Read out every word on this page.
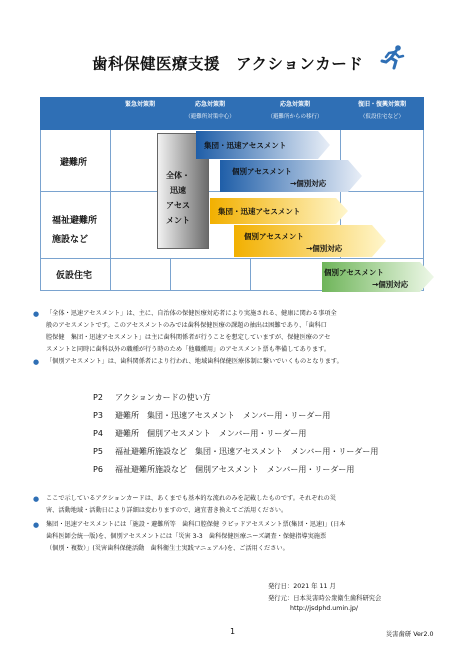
歯科保健医療支援　アクションカード
緊急対策期	応急対策期
（避難所対策中心）
応急対策期
（避難所からの移行）
復旧・復興対策期
（仮設住宅など）
避難所
福祉避難所
施設など
仮設住宅
全体・
迅速
アセス
メント
集団・迅速アセスメント
個別アセスメント
→個別対応
集団・迅速アセスメント
個別アセスメント
→個別対応
個別アセスメント
→個別対応
● 「全体・迅速アセスメント」は、主に、自治体の保健医療対応者により実施される、健康に関わる事項全
般のアセスメントです。このアセスメントのみでは歯科保健医療の課題の抽出は困難であり、「歯科口
腔保健　集団・迅速アセスメント」は主に歯科関係者が行うことを想定していますが、保健医療のアセ
スメントと同時に歯科以外の職種が行う時のため「他職種用」のアセスメント票も準備してあります。
● 「個別アセスメント」は、歯科関係者により行われ、地域歯科保健医療体制に繋いでいくものとなります。
P2 アクションカードの使い方
P3 避難所　集団・迅速アセスメント　メンバー用・リーダー用
P4 避難所　個別アセスメント　メンバー用・リーダー用
P5 福祉避難所施設など　集団・迅速アセスメント　メンバー用・リーダー用
P6 福祉避難所施設など　個別アセスメント　メンバー用・リーダー用
● ここで示しているアクションカードは、あくまでも基本的な流れのみを記載したものです。それぞれの災
害、活動地域・活動日により詳細は変わりますので、適宜書き換えてご活用ください。
● 集団・迅速アセスメントには「施設・避難所等　歯科口腔保健 ラピッドアセスメント票(集団・迅速)」(日本
歯科医師会統一版)を、個別アセスメントには「災害 3-3　歯科保健医療ニーズ調査・保健指導実施票
（個別・複数）」(災害歯科保健活動　歯科衛生士実践マニュアル)を、ご活用ください。
発行日：2021 年 11 月
発行元：日本災害時公衆衛生歯科研究会
http://jsdphd.umin.jp/
1	災害歯研 Ver2.0
